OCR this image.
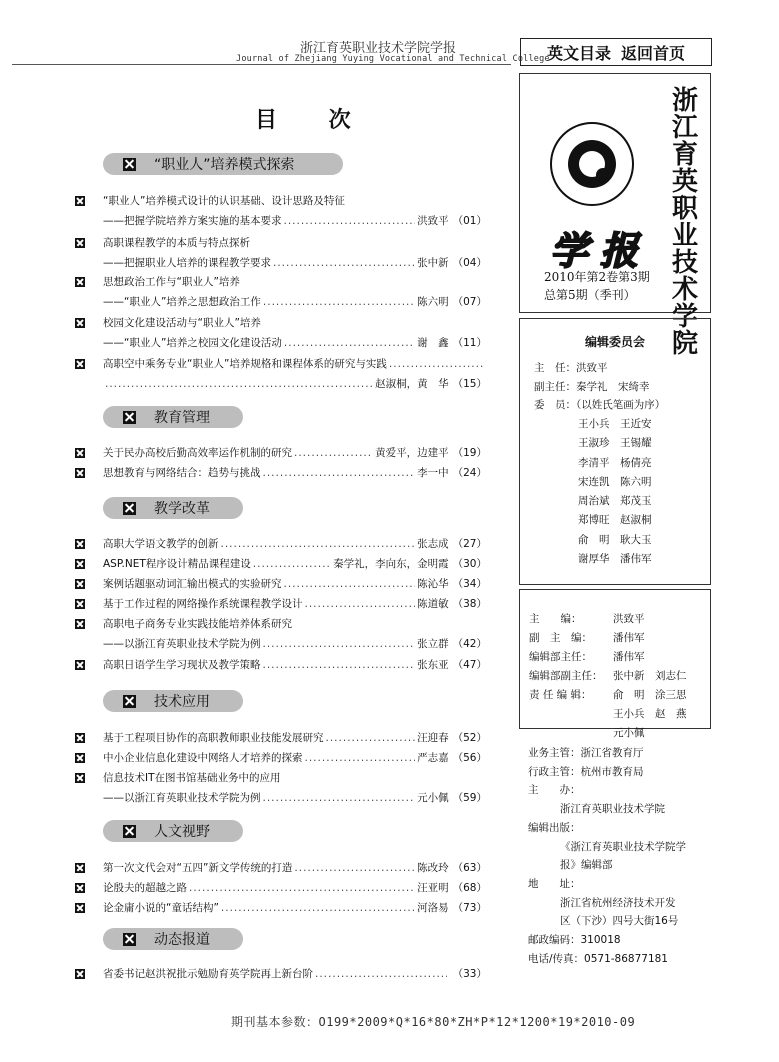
浙江育英职业技术学院学报
Journal of Zhejiang Yuying Vocational and Technical College
英文目录 返回首页
目 次
“职业人”培养模式探索
“职业人”培养模式设计的认识基础、设计思路及特征
——把握学院培养方案实施的基本要求 .....	洪致平 （01）
高职课程教学的本质与特点探析
——把握职业人培养的课程教学要求 .....	张中新 （04）
思想政治工作与“职业人”培养
——“职业人”培养之思想政治工作 .....	陈六明 （07）
校园文化建设活动与“职业人”培养
——“职业人”培养之校园文化建设活动 .....	谢　鑫 （11）
高职空中乘务专业“职业人”培养规格和课程体系的研究与实践
.....
.....
赵淑桐，黄　华 （15）
教育管理
关于民办高校后勤高效率运作机制的研究 .....	黄爱平，边建平 （19）
思想教育与网络结合：趋势与挑战 .....	李一中 （24）
教学改革
高职大学语文教学的创新 .....	张志成 （27）
ASP.NET程序设计精品课程建设 .....	秦学礼，李向东，金明霞 （30）
案例话题驱动词汇输出模式的实验研究 .....	陈沁华 （34）
基于工作过程的网络操作系统课程教学设计 .....	陈道敏 （38）
高职电子商务专业实践技能培养体系研究
——以浙江育英职业技术学院为例 .....	张立群 （42）
高职日语学生学习现状及教学策略 .....	张东亚 （47）
技术应用
基于工程项目协作的高职教师职业技能发展研究 .....	汪迎春 （52）
中小企业信息化建设中网络人才培养的探索 .....	严志嘉 （56）
信息技术IT在图书馆基础业务中的应用
——以浙江育英职业技术学院为例 .....	元小佩 （59）
人文视野
第一次文代会对“五四”新文学传统的打造 .....	陈改玲 （63）
论殷夫的超越之路 .....	汪亚明 （68）
论金庸小说的“童话结构” .....	河洛易 （73）
动态报道
省委书记赵洪祝批示勉励育英学院再上新台阶 .....	（33）
浙江育英职业技术学院
学报
2010年第2卷第3期
总第5期（季刊）
编辑委员会
主　任：洪致平
副主任：秦学礼　宋绮幸
委　员：（以姓氏笔画为序）
王小兵 王近安
王淑珍 王锡耀
李清平 杨倩亮
宋连凯 陈六明
周治斌 郑茂玉
郑博旺 赵淑桐
俞　明 耿大玉
谢厚华 潘伟军
主　　编：	洪致平
副　主　编：	潘伟军
编辑部主任：	潘伟军
编辑部副主任：	张中新　刘志仁
责 任 编 辑：	俞　明　涂三思
王小兵　赵　燕
元小佩
业务主管：浙江省教育厅
行政主管：杭州市教育局
主　　办：
浙江育英职业技术学院
编辑出版：
《浙江育英职业技术学院学
报》编辑部
地　　址：
浙江省杭州经济技术开发
区（下沙）四号大街16号
邮政编码：310018
电话/传真：0571-86877181
期刊基本参数：O199*2009*Q*16*80*ZH*P*12*1200*19*2010-09
